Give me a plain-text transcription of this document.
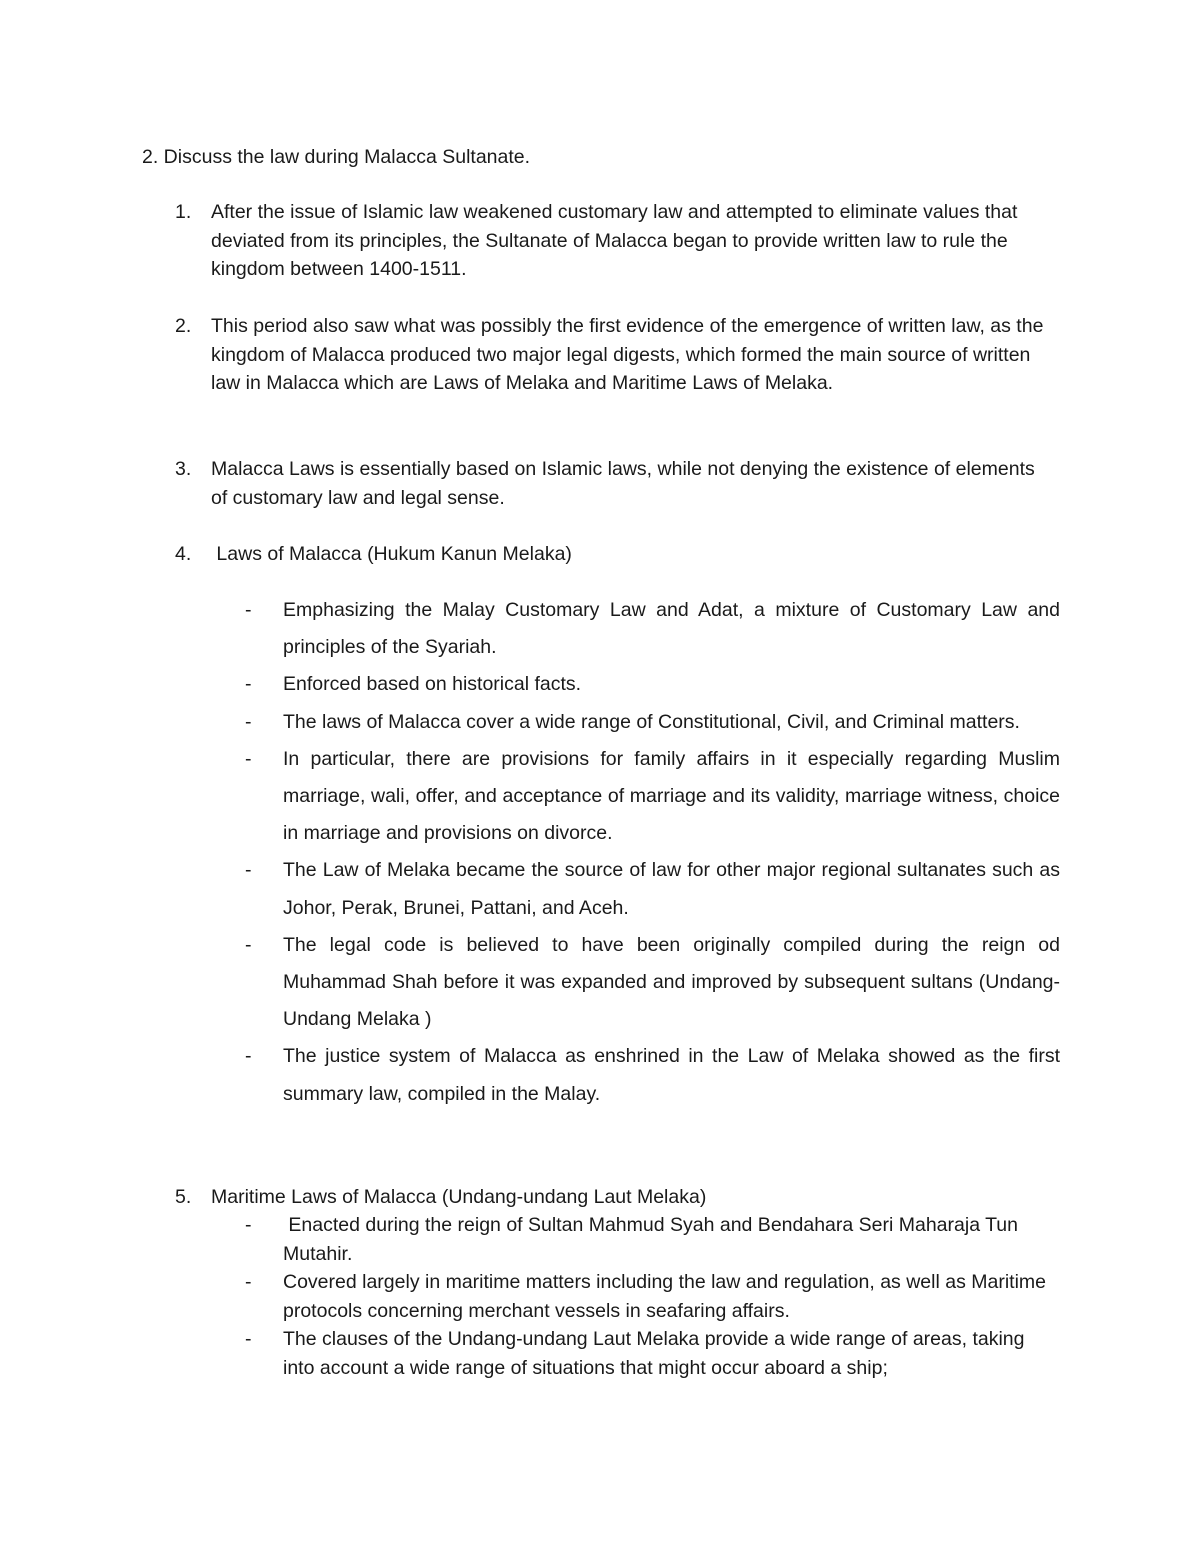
2. Discuss the law during Malacca Sultanate.
1. After the issue of Islamic law weakened customary law and attempted to eliminate values that deviated from its principles, the Sultanate of Malacca began to provide written law to rule the kingdom between 1400-1511.
2. This period also saw what was possibly the first evidence of the emergence of written law, as the kingdom of Malacca produced two major legal digests, which formed the main source of written law in Malacca which are Laws of Melaka and Maritime Laws of Melaka.
3. Malacca Laws is essentially based on Islamic laws, while not denying the existence of elements of customary law and legal sense.
4. Laws of Malacca (Hukum Kanun Melaka)
- Emphasizing the Malay Customary Law and Adat, a mixture of Customary Law and principles of the Syariah.
- Enforced based on historical facts.
- The laws of Malacca cover a wide range of Constitutional, Civil, and Criminal matters.
- In particular, there are provisions for family affairs in it especially regarding Muslim marriage, wali, offer, and acceptance of marriage and its validity, marriage witness, choice in marriage and provisions on divorce.
- The Law of Melaka became the source of law for other major regional sultanates such as Johor, Perak, Brunei, Pattani, and Aceh.
- The legal code is believed to have been originally compiled during the reign od Muhammad Shah before it was expanded and improved by subsequent sultans (Undang-Undang Melaka )
- The justice system of Malacca as enshrined in the Law of Melaka showed as the first summary law, compiled in the Malay.
5. Maritime Laws of Malacca (Undang-undang Laut Melaka)
- Enacted during the reign of Sultan Mahmud Syah and Bendahara Seri Maharaja Tun Mutahir.
- Covered largely in maritime matters including the law and regulation, as well as Maritime protocols concerning merchant vessels in seafaring affairs.
- The clauses of the Undang-undang Laut Melaka provide a wide range of areas, taking into account a wide range of situations that might occur aboard a ship;
